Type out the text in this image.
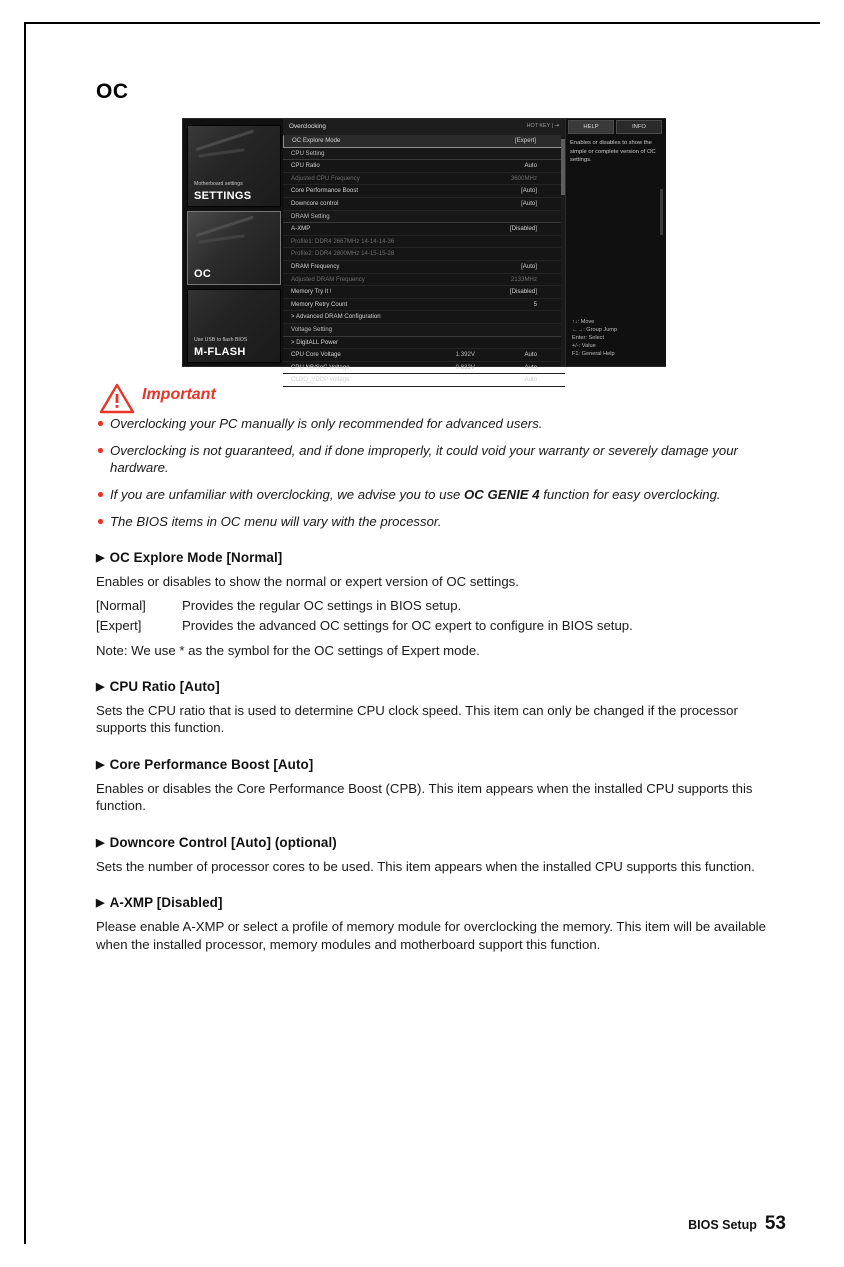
OC
Motherboard settings
SETTINGS
OC
Use USB to flash BIOS
M-FLASH
Overclocking	HOT KEY | ⇥
OC Explore Mode	[Expert]
CPU Setting
CPU Ratio	Auto
Adjusted CPU Frequency	3600MHz
Core Performance Boost	[Auto]
Downcore control	[Auto]
DRAM Setting
A-XMP	[Disabled]
Profile1: DDR4 2667MHz 14-14-14-36
Profile2: DDR4 2800MHz 14-15-15-28
DRAM Frequency	[Auto]
Adjusted DRAM Frequency	2133MHz
Memory Try It !	[Disabled]
Memory Retry Count	5
> Advanced DRAM Configuration
Voltage Setting
> DigitALL Power
CPU Core Voltage	1.392V	Auto
CPU NB/SoC Voltage	0.832V	Auto
CLDO_VDDP voltage	Auto
HELP	INFO
Enables or disables to show the simple or complete version of OC settings.
↑↓: Move
←→: Group Jump
Enter: Select
+/-: Value
F1: General Help
Important
Overclocking your PC manually is only recommended for advanced users.
Overclocking is not guaranteed, and if done improperly, it could void your warranty or severely damage your hardware.
If you are unfamiliar with overclocking, we advise you to use OC GENIE 4 function for easy overclocking.
The BIOS items in OC menu will vary with the processor.
▶ OC Explore Mode [Normal]

Enables or disables to show the normal or expert version of OC settings.

[Normal]	Provides the regular OC settings in BIOS setup.
[Expert]	Provides the advanced OC settings for OC expert to configure in BIOS setup.
Note: We use * as the symbol for the OC settings of Expert mode.
▶ CPU Ratio [Auto]

Sets the CPU ratio that is used to determine CPU clock speed. This item can only be changed if the processor supports this function.

▶ Core Performance Boost [Auto]

Enables or disables the Core Performance Boost (CPB). This item appears when the installed CPU supports this function.

▶ Downcore Control [Auto] (optional)

Sets the number of processor cores to be used. This item appears when the installed CPU supports this function.

▶ A-XMP [Disabled]

Please enable A-XMP or select a profile of memory module for overclocking the memory. This item will be available when the installed processor, memory modules and motherboard support this function.

BIOS Setup 53
